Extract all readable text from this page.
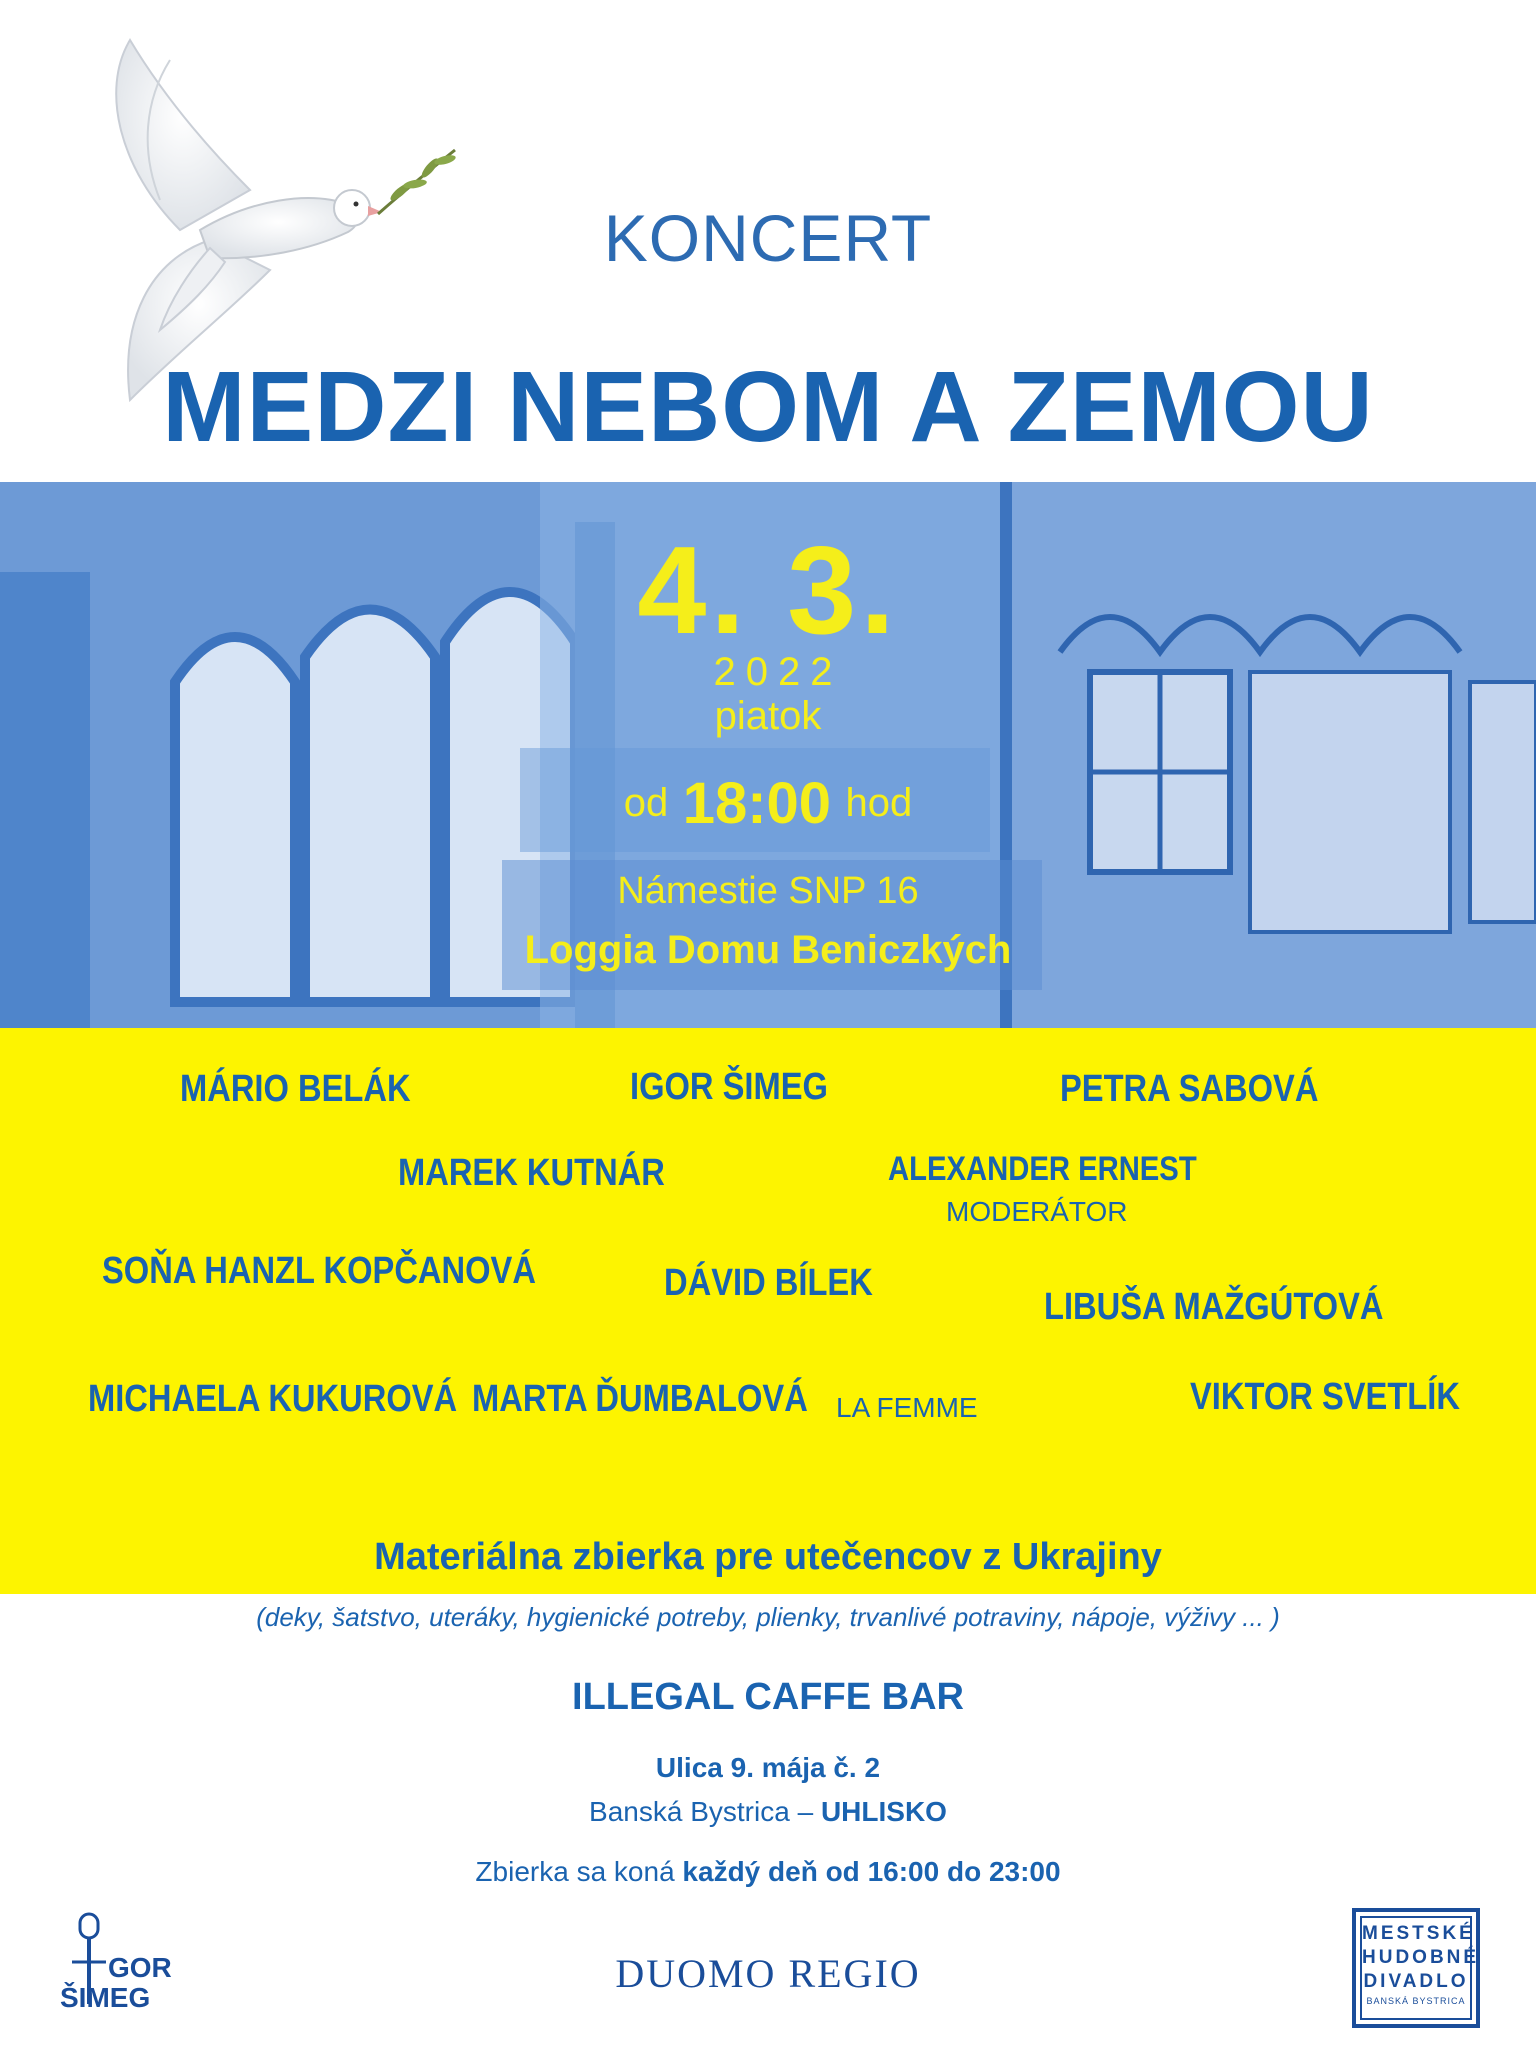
KONCERT
MEDZI NEBOM A ZEMOU
4. 3.
2022
piatok
od 18:00 hod
Námestie SNP 16
Loggia Domu Beniczkých
MÁRIO BELÁK	IGOR ŠIMEG	PETRA SABOVÁ
MAREK KUTNÁR	ALEXANDER ERNEST
MODERÁTOR
SOŇA HANZL KOPČANOVÁ	DÁVID BÍLEK
LIBUŠA MAŽGÚTOVÁ
MICHAELA KUKUROVÁ MARTA ĎUMBALOVÁ LA FEMME	VIKTOR SVETLÍK
Materiálna zbierka pre utečencov z Ukrajiny
(deky, šatstvo, uteráky, hygienické potreby, plienky, trvanlivé potraviny, nápoje, výživy ... )
ILLEGAL CAFFE BAR
Ulica 9. mája č. 2
Banská Bystrica – UHLISKO
Zbierka sa koná každý deň od 16:00 do 23:00
GOR
ŠIMEG
DUOMO REGIO
MESTSKÉ
HUDOBNÉ
DIVADLO
BANSKÁ BYSTRICA
